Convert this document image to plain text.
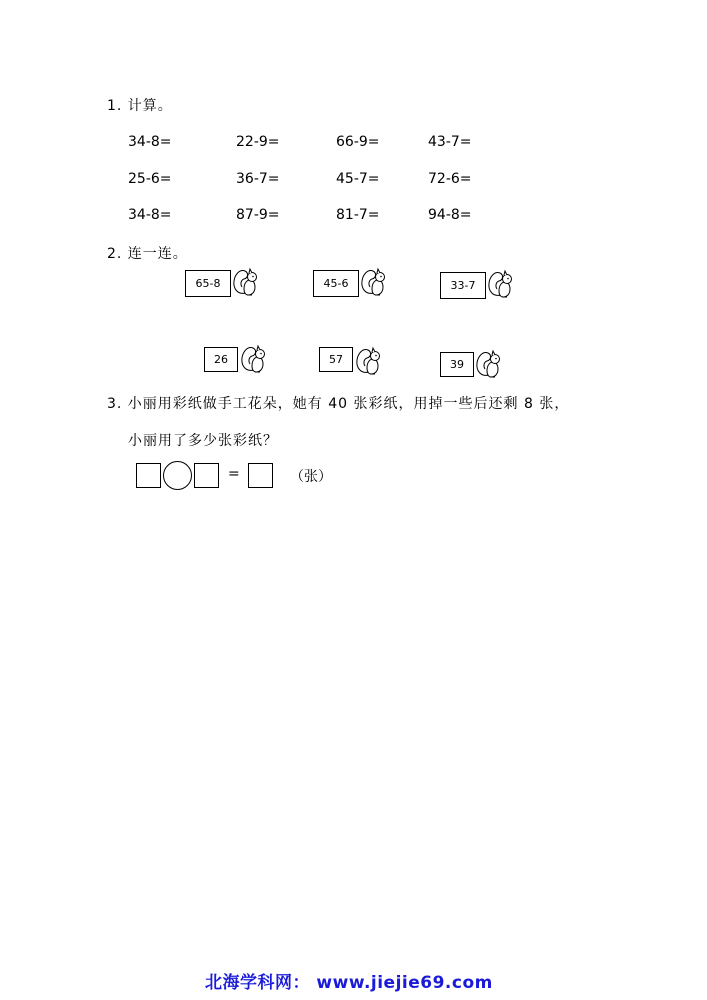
1. 计算。
34-8=	22-9=	66-9=	43-7=
25-6=	36-7=	45-7=	72-6=
34-8=	87-9=	81-7=	94-8=
2. 连一连。
65-8	45-6	33-7
26	57	39
3. 小丽用彩纸做手工花朵，她有 40 张彩纸，用掉一些后还剩 8 张，
小丽用了多少张彩纸？
=	（张）
北海学科网： www.jiejie69.com
